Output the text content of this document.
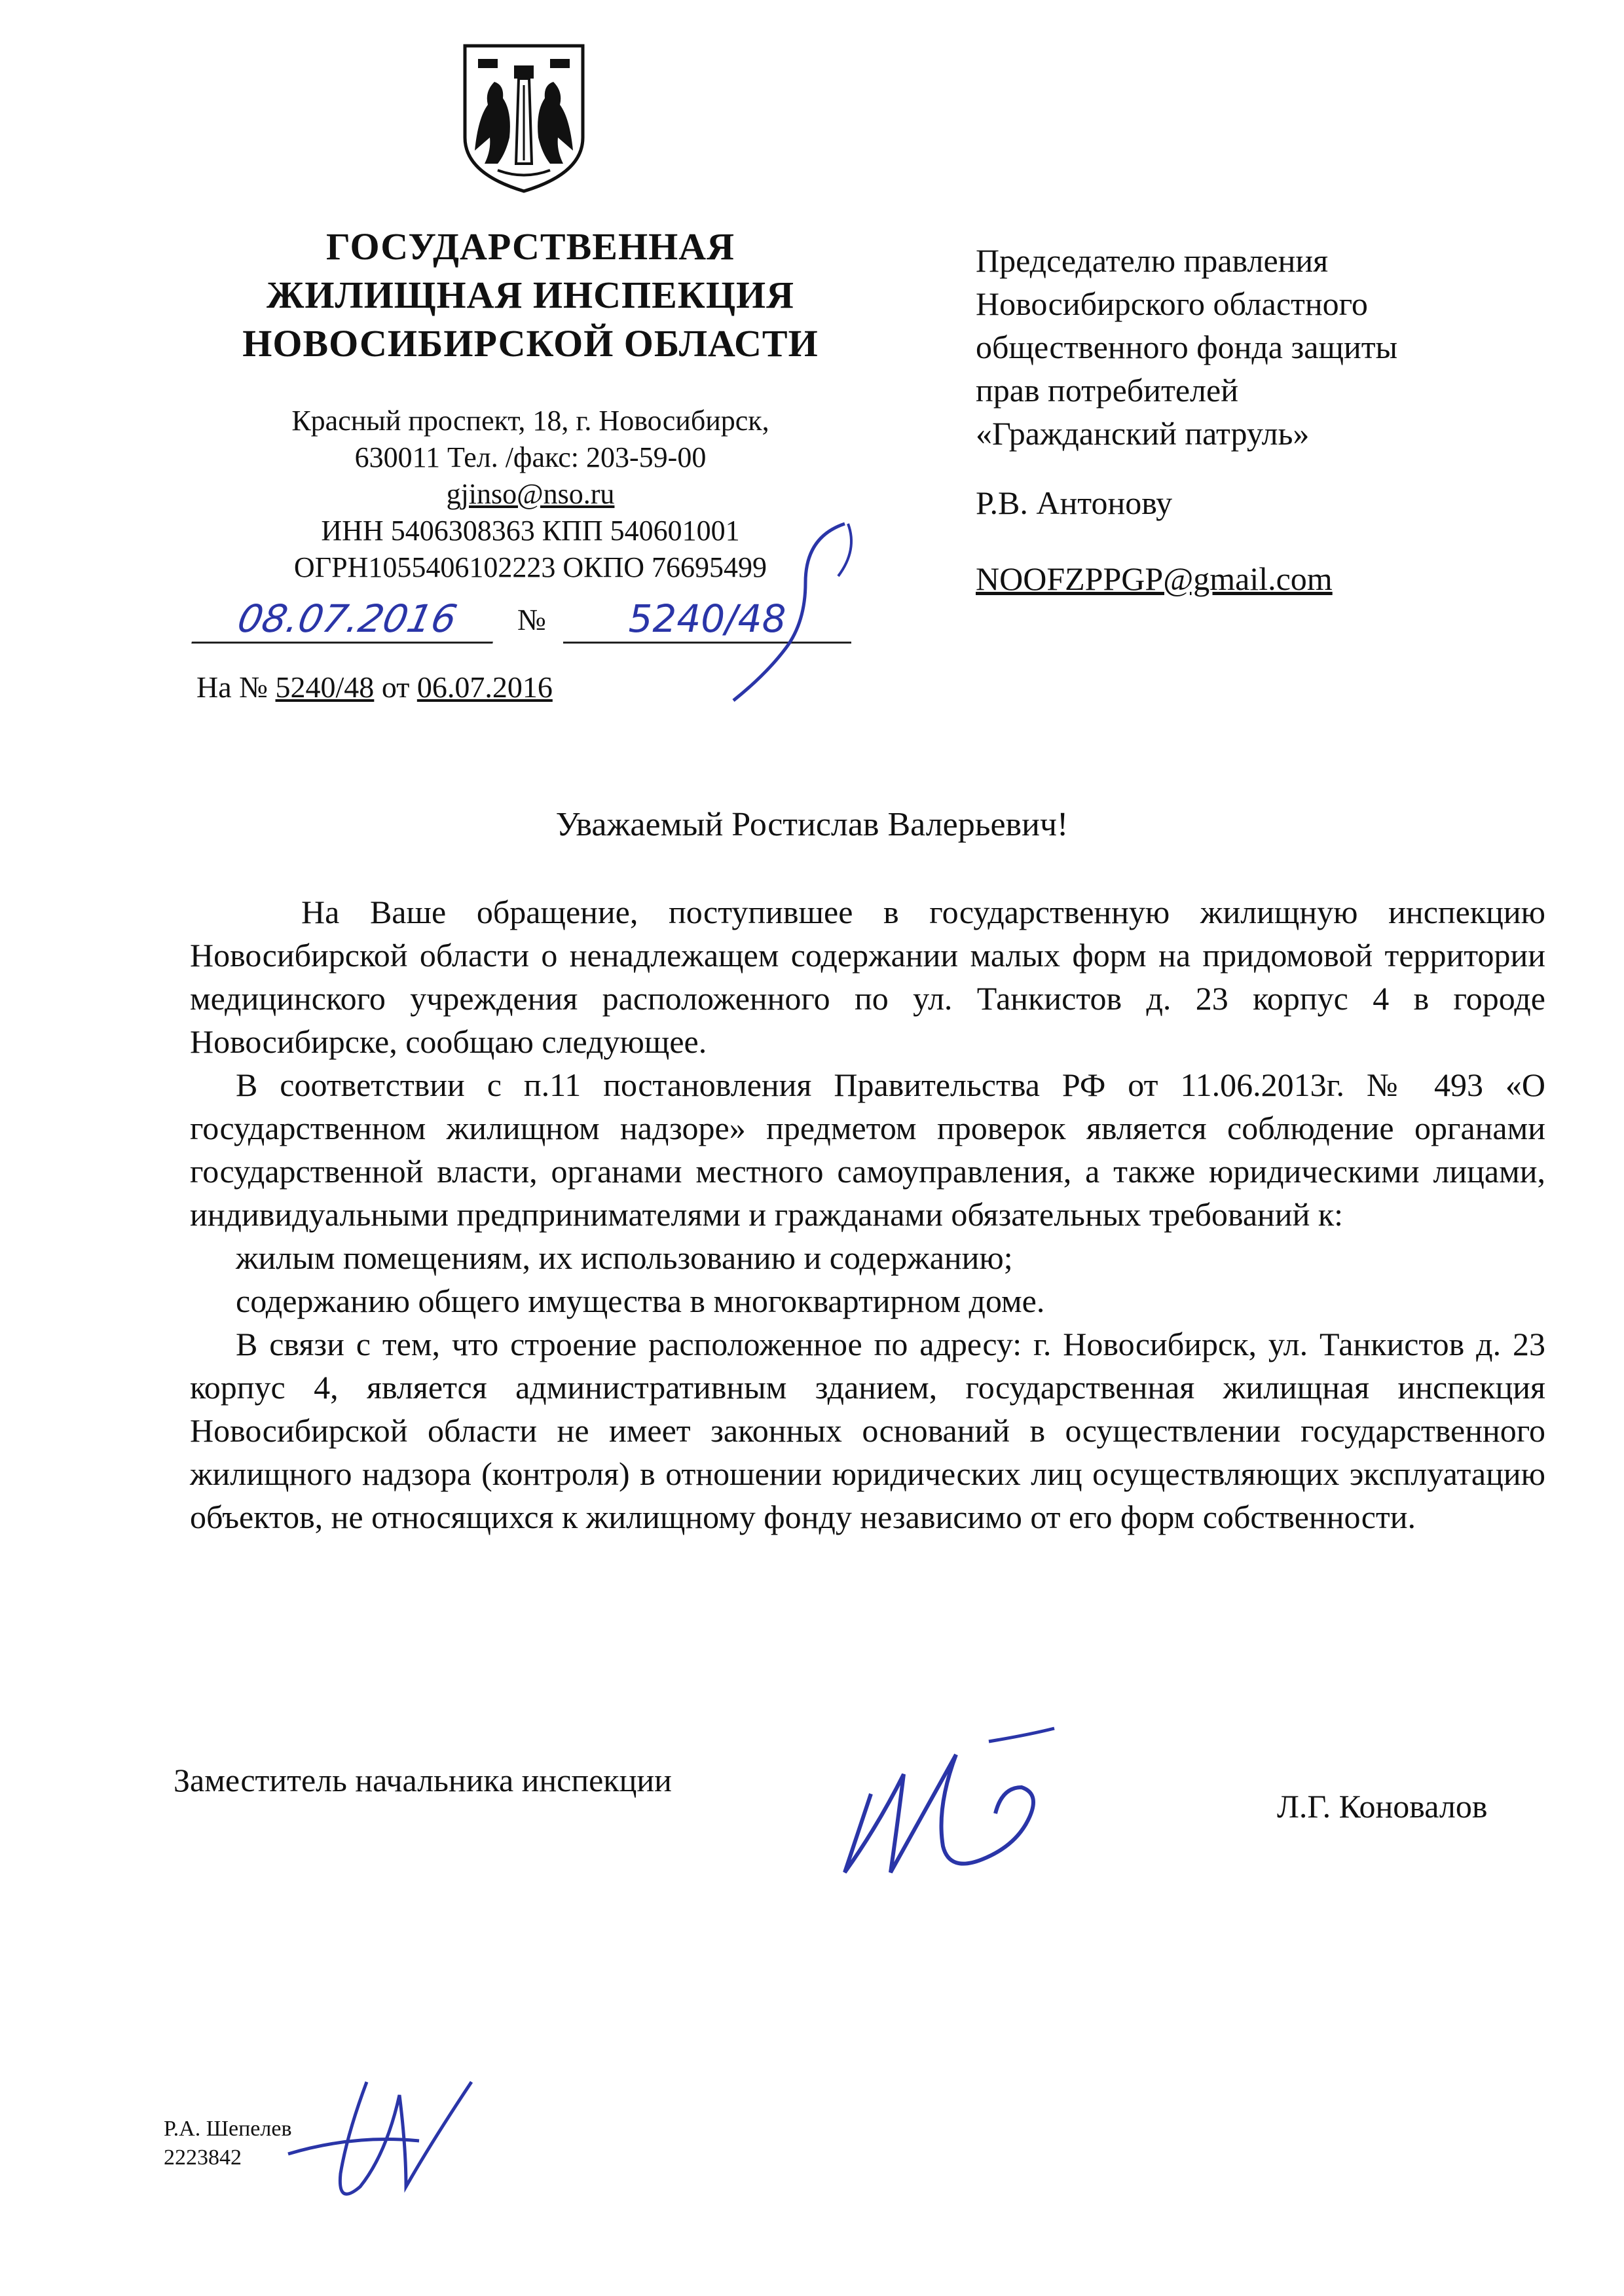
ГОСУДАРСТВЕННАЯ
ЖИЛИЩНАЯ ИНСПЕКЦИЯ
НОВОСИБИРСКОЙ ОБЛАСТИ
Красный проспект, 18, г. Новосибирск,
630011 Тел. /факс: 203-59-00
gjinso@nso.ru
ИНН 5406308363 КПП 540601001
ОГРН1055406102223 ОКПО 76695499
08.07.2016	№	5240/48
На № 5240/48 от 06.07.2016
Председателю правления
Новосибирского областного
общественного фонда защиты
прав потребителей
«Гражданский патруль»
Р.В. Антонову
NOOFZPPGP@gmail.com
Уважаемый Ростислав Валерьевич!

На Ваше обращение, поступившее в государственную жилищную инспекцию Новосибирской области о ненадлежащем содержании малых форм на придомовой территории медицинского учреждения расположенного по ул. Танкистов д. 23 корпус 4 в городе Новосибирске, сообщаю следующее.

В соответствии с п.11 постановления Правительства РФ от 11.06.2013г. № 493 «О государственном жилищном надзоре» предметом проверок является соблюдение органами государственной власти, органами местного самоуправления, а также юридическими лицами, индивидуальными предпринимателями и гражданами обязательных требований к:

жилым помещениям, их использованию и содержанию;

содержанию общего имущества в многоквартирном доме.

В связи с тем, что строение расположенное по адресу: г. Новосибирск, ул. Танкистов д. 23 корпус 4, является административным зданием, государственная жилищная инспекция Новосибирской области не имеет законных оснований в осуществлении государственного жилищного надзора (контроля) в отношении юридических лиц осуществляющих эксплуатацию объектов, не относящихся к жилищному фонду независимо от его форм собственности.

Заместитель начальника инспекции
Л.Г. Коновалов
Р.А. Шепелев
2223842
